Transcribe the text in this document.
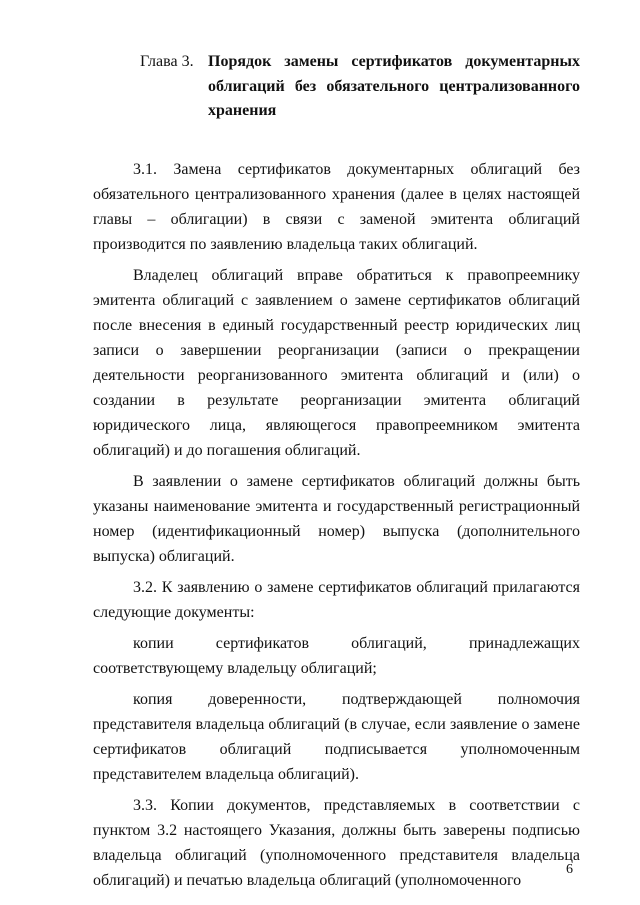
Глава 3. Порядок замены сертификатов документарных облигаций без обязательного централизованного хранения

3.1. Замена сертификатов документарных облигаций без обязательного централизованного хранения (далее в целях настоящей главы – облигации) в связи с заменой эмитента облигаций производится по заявлению владельца таких облигаций.

Владелец облигаций вправе обратиться к правопреемнику эмитента облигаций с заявлением о замене сертификатов облигаций после внесения в единый государственный реестр юридических лиц записи о завершении реорганизации (записи о прекращении деятельности реорганизованного эмитента облигаций и (или) о создании в результате реорганизации эмитента облигаций юридического лица, являющегося правопреемником эмитента облигаций) и до погашения облигаций.

В заявлении о замене сертификатов облигаций должны быть указаны наименование эмитента и государственный регистрационный номер (идентификационный номер) выпуска (дополнительного выпуска) облигаций.

3.2. К заявлению о замене сертификатов облигаций прилагаются следующие документы:

копии сертификатов облигаций, принадлежащих соответствующему владельцу облигаций;

копия доверенности, подтверждающей полномочия представителя владельца облигаций (в случае, если заявление о замене сертификатов облигаций подписывается уполномоченным представителем владельца облигаций).

3.3. Копии документов, представляемых в соответствии с пунктом 3.2 настоящего Указания, должны быть заверены подписью владельца облигаций (уполномоченного представителя владельца облигаций) и печатью владельца облигаций (уполномоченного

6
